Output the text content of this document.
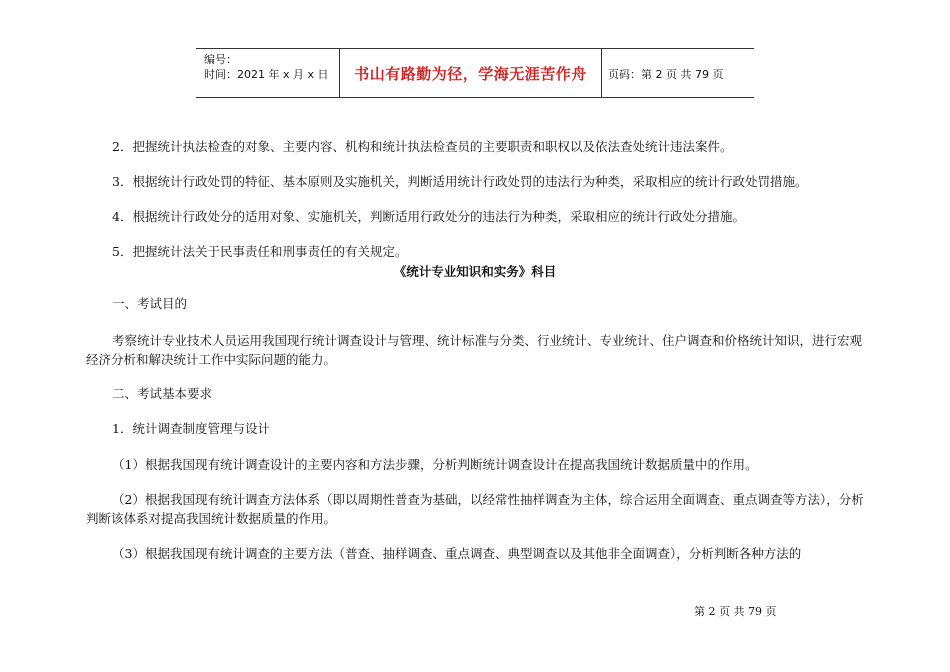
编号：
时间：2021 年 x 月 x 日	书山有路勤为径，学海无涯苦作舟	页码：第 2 页 共 79 页

2．把握统计执法检查的对象、主要内容、机构和统计执法检查员的主要职责和职权以及依法查处统计违法案件。

3．根据统计行政处罚的特征、基本原则及实施机关，判断适用统计行政处罚的违法行为种类，采取相应的统计行政处罚措施。

4．根据统计行政处分的适用对象、实施机关，判断适用行政处分的违法行为种类，采取相应的统计行政处分措施。

5．把握统计法关于民事责任和刑事责任的有关规定。

《统计专业知识和实务》科目

一、考试目的

考察统计专业技术人员运用我国现行统计调查设计与管理、统计标准与分类、行业统计、专业统计、住户调查和价格统计知识，进行宏观经济分析和解决统计工作中实际问题的能力。

二、考试基本要求

1．统计调查制度管理与设计

（1）根据我国现有统计调查设计的主要内容和方法步骤，分析判断统计调查设计在提高我国统计数据质量中的作用。

（2）根据我国现有统计调查方法体系（即以周期性普查为基础，以经常性抽样调查为主体，综合运用全面调查、重点调查等方法），分析判断该体系对提高我国统计数据质量的作用。

（3）根据我国现有统计调查的主要方法（普查、抽样调查、重点调查、典型调查以及其他非全面调查），分析判断各种方法的

第 2 页 共 79 页
